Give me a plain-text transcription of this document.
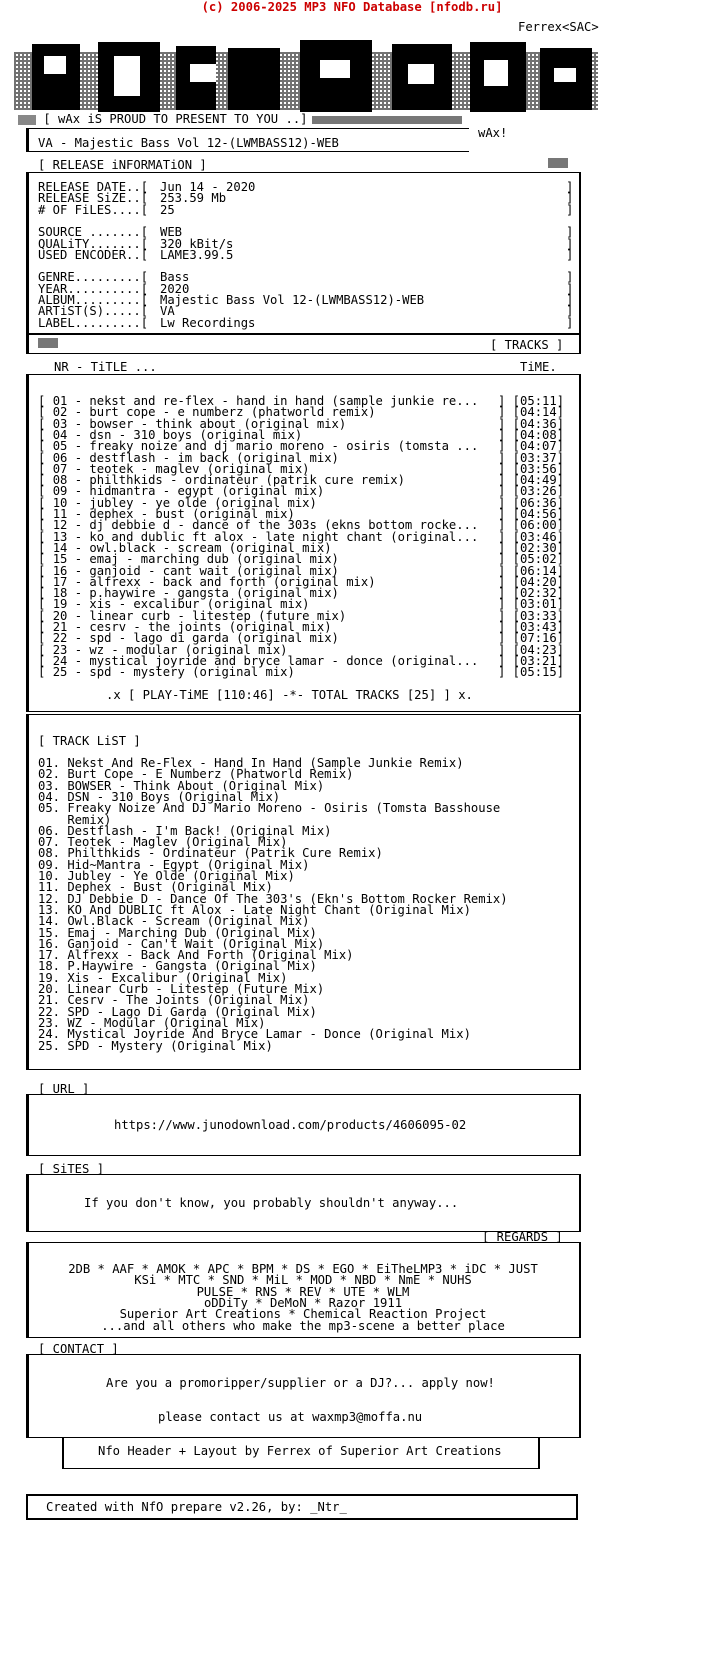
(c) 2006-2025 MP3 NFO Database [nfodb.ru]
Ferrex<SAC>
[ wAx iS PROUD TO PRESENT TO YOU ..]
wAx!
VA - Majestic Bass Vol 12-(LWMBASS12)-WEB
[ RELEASE iNFORMATiON ]
RELEASE DATE..[ Jun 14 - 2020	]
RELEASE SiZE..[ 253.59 Mb	]
# OF FiLES....[ 25	]
SOURCE .......[ WEB	]
QUALiTY.......[ 320 kBit/s	]
USED ENCODER..[ LAME3.99.5	]
GENRE.........[ Bass	]
YEAR..........[ 2020	]
ALBUM.........[ Majestic Bass Vol 12-(LWMBASS12)-WEB	]
ARTiST(S).....[ VA	]
LABEL.........[ Lw Recordings	]
[ TRACKS ]
NR - TiTLE ...	TiME.
[ 01 - nekst and re-flex - hand in hand (sample junkie re... ] [05:11]
[ 02 - burt cope - e numberz (phatworld remix)	] [04:14]
[ 03 - bowser - think about (original mix)	] [04:36]
[ 04 - dsn - 310 boys (original mix)	] [04:08]
[ 05 - freaky noize and dj mario moreno - osiris (tomsta ... ] [04:07]
[ 06 - destflash - im back (original mix)	] [03:37]
[ 07 - teotek - maglev (original mix)	] [03:56]
[ 08 - philthkids - ordinateur (patrik cure remix)	] [04:49]
[ 09 - hidmantra - egypt (original mix)	] [03:26]
[ 10 - jubley - ye olde (original mix)	] [06:36]
[ 11 - dephex - bust (original mix)	] [04:56]
[ 12 - dj debbie d - dance of the 303s (ekns bottom rocke... ] [06:00]
[ 13 - ko and dublic ft alox - late night chant (original... ] [03:46]
[ 14 - owl.black - scream (original mix)	] [02:30]
[ 15 - emaj - marching dub (original mix)	] [05:02]
[ 16 - ganjoid - cant wait (original mix)	] [06:14]
[ 17 - alfrexx - back and forth (original mix)	] [04:20]
[ 18 - p.haywire - gangsta (original mix)	] [02:32]
[ 19 - xis - excalibur (original mix)	] [03:01]
[ 20 - linear curb - litestep (future mix)	] [03:33]
[ 21 - cesrv - the joints (original mix)	] [03:43]
[ 22 - spd - lago di garda (original mix)	] [07:16]
[ 23 - wz - modular (original mix)	] [04:23]
[ 24 - mystical joyride and bryce lamar - donce (original... ] [03:21]
[ 25 - spd - mystery (original mix)	] [05:15]
.x [ PLAY-TiME [110:46] -*- TOTAL TRACKS [25] ] x.
[ TRACK LiST ]
01. Nekst And Re-Flex - Hand In Hand (Sample Junkie Remix)
02. Burt Cope - E Numberz (Phatworld Remix)
03. BOWSER - Think About (Original Mix)
04. DSN - 310 Boys (Original Mix)
05. Freaky Noize And DJ Mario Moreno - Osiris (Tomsta Basshouse
Remix)
06. Destflash - I'm Back! (Original Mix)
07. Teotek - Maglev (Original Mix)
08. Philthkids - Ordinateur (Patrik Cure Remix)
09. Hid~Mantra - Egypt (Original Mix)
10. Jubley - Ye Olde (Original Mix)
11. Dephex - Bust (Original Mix)
12. DJ Debbie D - Dance Of The 303's (Ekn's Bottom Rocker Remix)
13. KO And DUBLIC ft Alox - Late Night Chant (Original Mix)
14. Owl.Black - Scream (Original Mix)
15. Emaj - Marching Dub (Original Mix)
16. Ganjoid - Can't Wait (Original Mix)
17. Alfrexx - Back And Forth (Original Mix)
18. P.Haywire - Gangsta (Original Mix)
19. Xis - Excalibur (Original Mix)
20. Linear Curb - Litestep (Future Mix)
21. Cesrv - The Joints (Original Mix)
22. SPD - Lago Di Garda (Original Mix)
23. WZ - Modular (Original Mix)
24. Mystical Joyride And Bryce Lamar - Donce (Original Mix)
25. SPD - Mystery (Original Mix)
[ URL ]
https://www.junodownload.com/products/4606095-02
[ SiTES ]
If you don't know, you probably shouldn't anyway...
[ REGARDS ]
2DB * AAF * AMOK * APC * BPM * DS * EGO * EiTheLMP3 * iDC * JUST
KSi * MTC * SND * MiL * MOD * NBD * NmE * NUHS
PULSE * RNS * REV * UTE * WLM
oDDiTy * DeMoN * Razor 1911
Superior Art Creations * Chemical Reaction Project
...and all others who make the mp3-scene a better place
[ CONTACT ]
Are you a promoripper/supplier or a DJ?... apply now!
please contact us at waxmp3@moffa.nu
Nfo Header + Layout by Ferrex of Superior Art Creations
Created with NfO prepare v2.26, by: _Ntr_
